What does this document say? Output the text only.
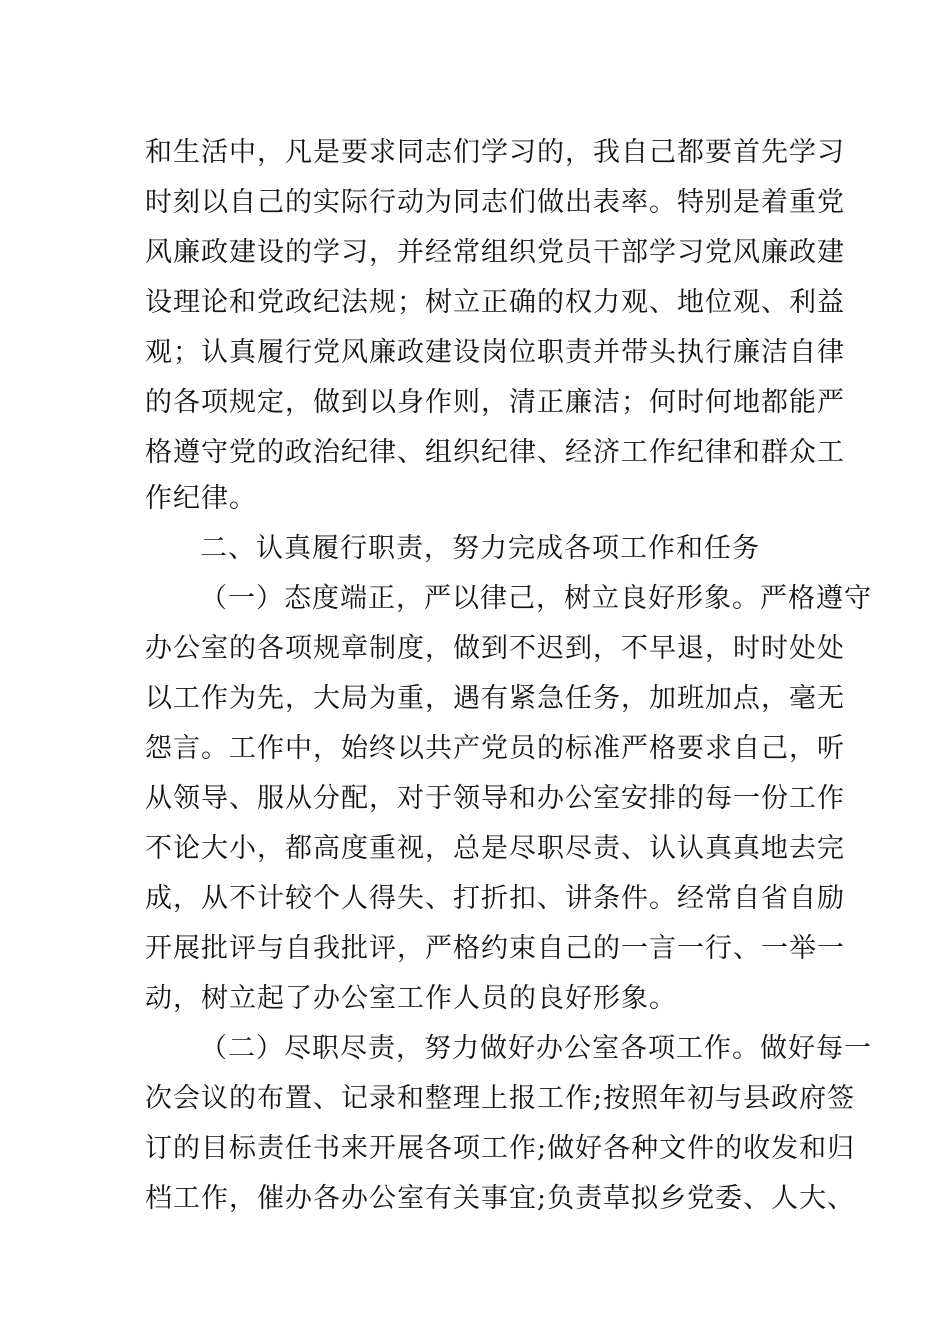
和生活中，凡是要求同志们学习的，我自己都要首先学习
时刻以自己的实际行动为同志们做出表率。特别是着重党
风廉政建设的学习，并经常组织党员干部学习党风廉政建
设理论和党政纪法规；树立正确的权力观、地位观、利益
观；认真履行党风廉政建设岗位职责并带头执行廉洁自律
的各项规定，做到以身作则，清正廉洁；何时何地都能严
格遵守党的政治纪律、组织纪律、经济工作纪律和群众工
作纪律。
二、认真履行职责，努力完成各项工作和任务
（一）态度端正，严以律己，树立良好形象。严格遵守
办公室的各项规章制度，做到不迟到，不早退，时时处处
以工作为先，大局为重，遇有紧急任务，加班加点，毫无
怨言。工作中，始终以共产党员的标准严格要求自己，听
从领导、服从分配，对于领导和办公室安排的每一份工作
不论大小，都高度重视，总是尽职尽责、认认真真地去完
成，从不计较个人得失、打折扣、讲条件。经常自省自励
开展批评与自我批评，严格约束自己的一言一行、一举一
动，树立起了办公室工作人员的良好形象。
（二）尽职尽责，努力做好办公室各项工作。做好每一
次会议的布置、记录和整理上报工作;按照年初与县政府签
订的目标责任书来开展各项工作;做好各种文件的收发和归
档工作，催办各办公室有关事宜;负责草拟乡党委、人大、
